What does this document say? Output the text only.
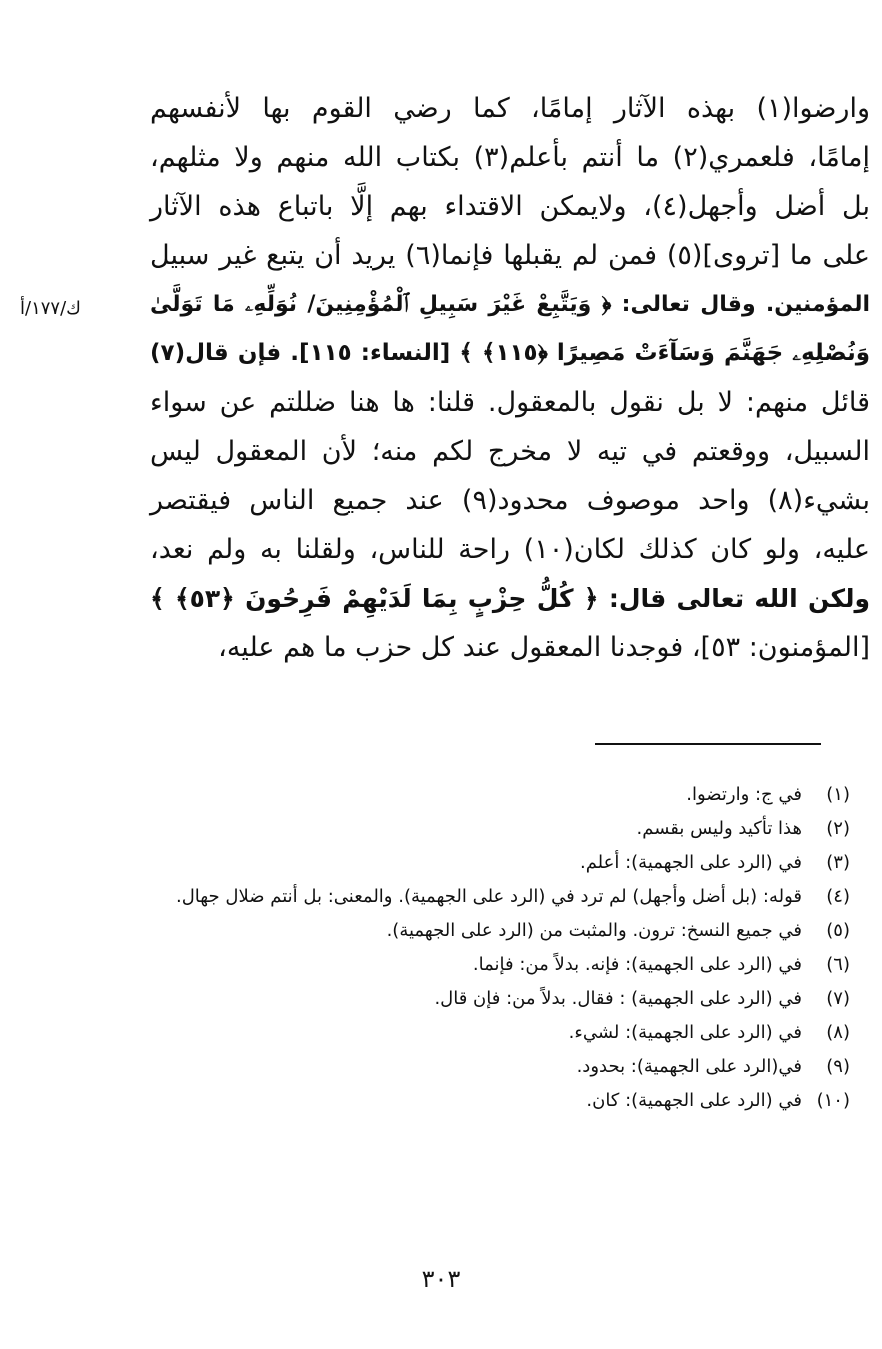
وارضوا(١) بهذه الآثار إمامًا، كما رضي القوم بها لأنفسهم
إمامًا، فلعمري(٢) ما أنتم بأعلم(٣) بكتاب الله منهم ولا مثلهم،
بل أضل وأجهل(٤)، ولايمكن الاقتداء بهم إلَّا باتباع هذه الآثار
على ما [تروى](٥) فمن لم يقبلها فإنما(٦) يريد أن يتبع غير سبيل
المؤمنين. وقال تعالى: ﴿ وَيَتَّبِعْ غَيْرَ سَبِيلِ ٱلْمُؤْمِنِينَ/ نُوَلِّهِۦ مَا تَوَلَّىٰ
وَنُصْلِهِۦ جَهَنَّمَ وَسَآءَتْ مَصِيرًا ﴿١١٥﴾ ﴾ [النساء: ١١٥]. فإن قال(٧)
قائل منهم: لا بل نقول بالمعقول. قلنا: ها هنا ضللتم عن سواء
السبيل، ووقعتم في تيه لا مخرج لكم منه؛ لأن المعقول ليس
بشيء(٨) واحد موصوف محدود(٩) عند جميع الناس فيقتصر
عليه، ولو كان كذلك لكان(١٠) راحة للناس، ولقلنا به ولم نعد،
ولكن الله تعالى قال: ﴿ كُلُّ حِزْبٍ بِمَا لَدَيْهِمْ فَرِحُونَ ﴿٥٣﴾ ﴾
[المؤمنون: ٥٣]، فوجدنا المعقول عند كل حزب ما هم عليه،
ك/١٧٧/أ
(١)
في ج: وارتضوا.
(٢)
هذا تأكيد وليس بقسم.
(٣)
في (الرد على الجهمية): أعلم.
(٤)
قوله: (بل أضل وأجهل) لم ترد في (الرد على الجهمية). والمعنى: بل أنتم ضلال جهال.
(٥)
في جميع النسخ: ترون. والمثبت من (الرد على الجهمية).
(٦)
في (الرد على الجهمية): فإنه. بدلاً من: فإنما.
(٧)
في (الرد على الجهمية) : فقال. بدلاً من: فإن قال.
(٨)
في (الرد على الجهمية): لشيء.
(٩)
في(الرد على الجهمية): بحدود.
(١٠)
في (الرد على الجهمية): كان.
٣٠٣
